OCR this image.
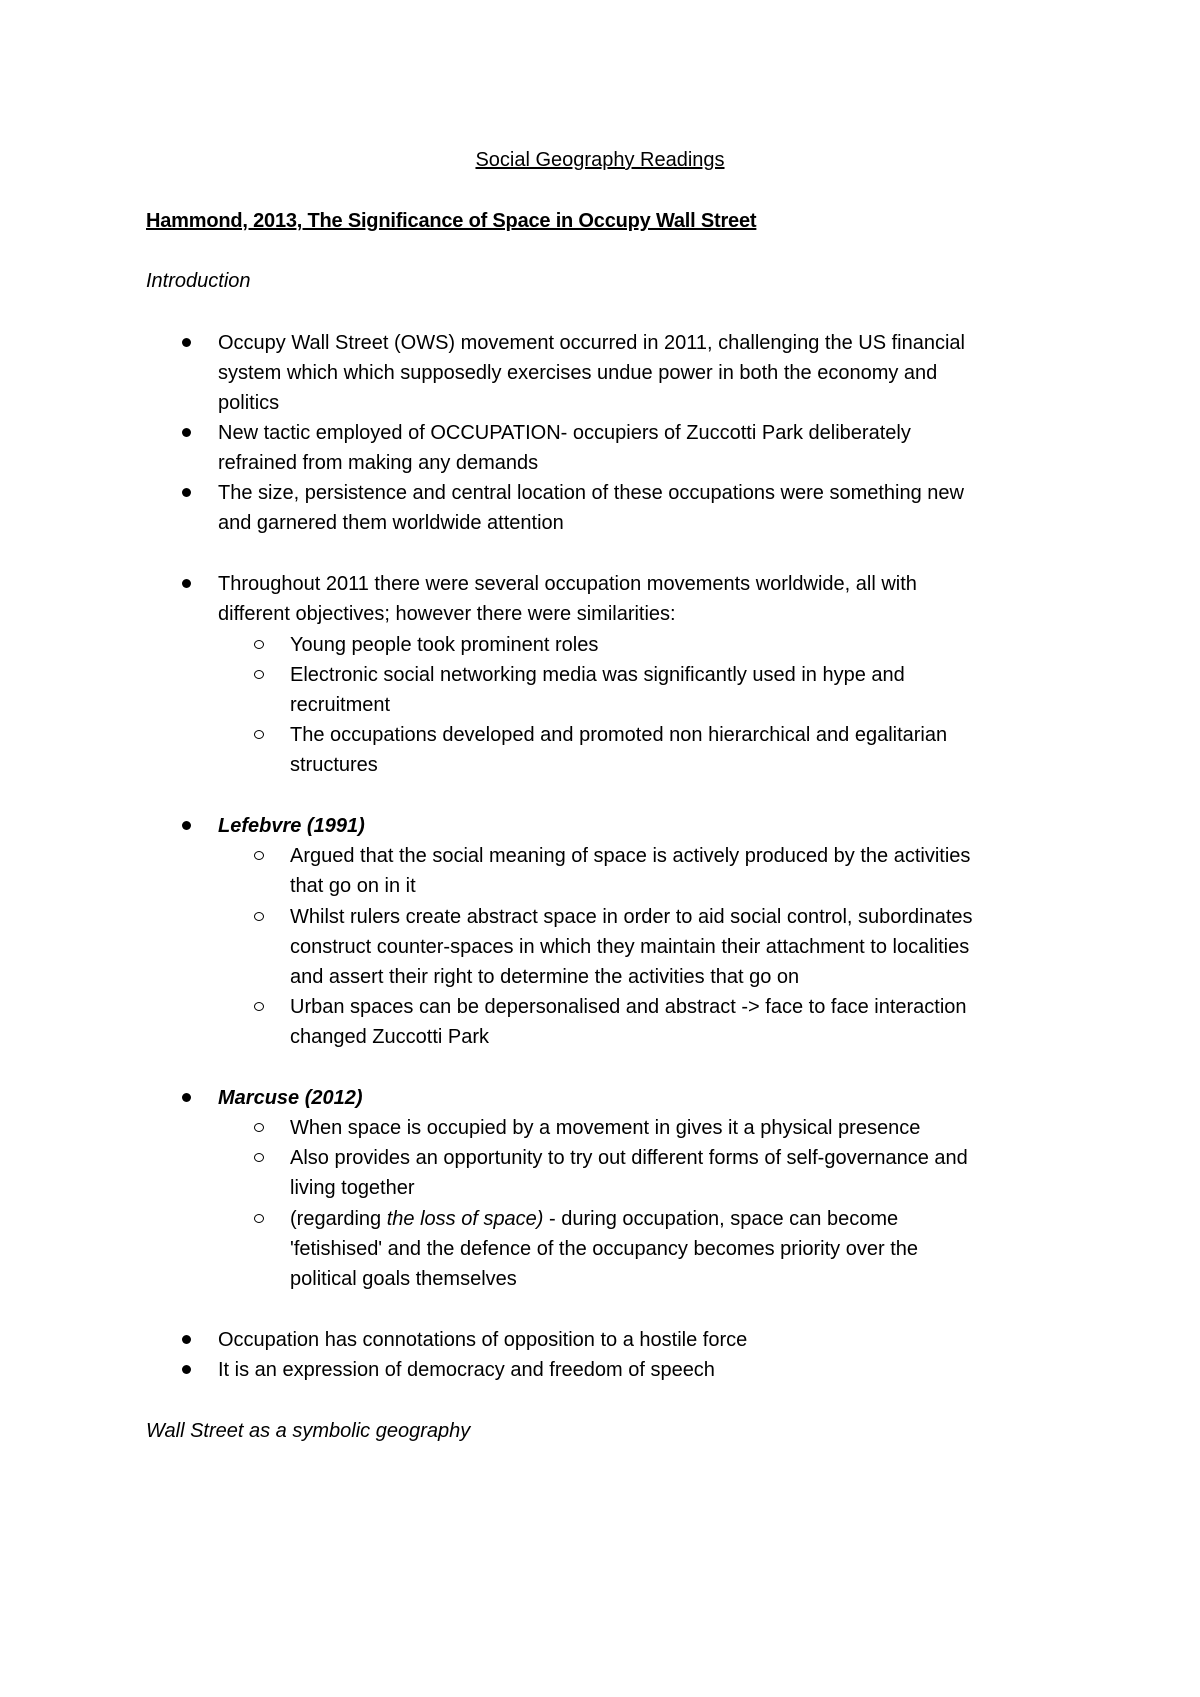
Social Geography Readings
Hammond, 2013, The Significance of Space in Occupy Wall Street
Introduction
Occupy Wall Street (OWS) movement occurred in 2011, challenging the US financial
system which which supposedly exercises undue power in both the economy and
politics
New tactic employed of OCCUPATION- occupiers of Zuccotti Park deliberately
refrained from making any demands
The size, persistence and central location of these occupations were something new
and garnered them worldwide attention
Throughout 2011 there were several occupation movements worldwide, all with
different objectives; however there were similarities:
Young people took prominent roles
Electronic social networking media was significantly used in hype and
recruitment
The occupations developed and promoted non hierarchical and egalitarian
structures
Lefebvre (1991)
Argued that the social meaning of space is actively produced by the activities
that go on in it
Whilst rulers create abstract space in order to aid social control, subordinates
construct counter-spaces in which they maintain their attachment to localities
and assert their right to determine the activities that go on
Urban spaces can be depersonalised and abstract -> face to face interaction
changed Zuccotti Park
Marcuse (2012)
When space is occupied by a movement in gives it a physical presence
Also provides an opportunity to try out different forms of self-governance and
living together
(regarding the loss of space) - during occupation, space can become
'fetishised' and the defence of the occupancy becomes priority over the
political goals themselves
Occupation has connotations of opposition to a hostile force
It is an expression of democracy and freedom of speech
Wall Street as a symbolic geography
